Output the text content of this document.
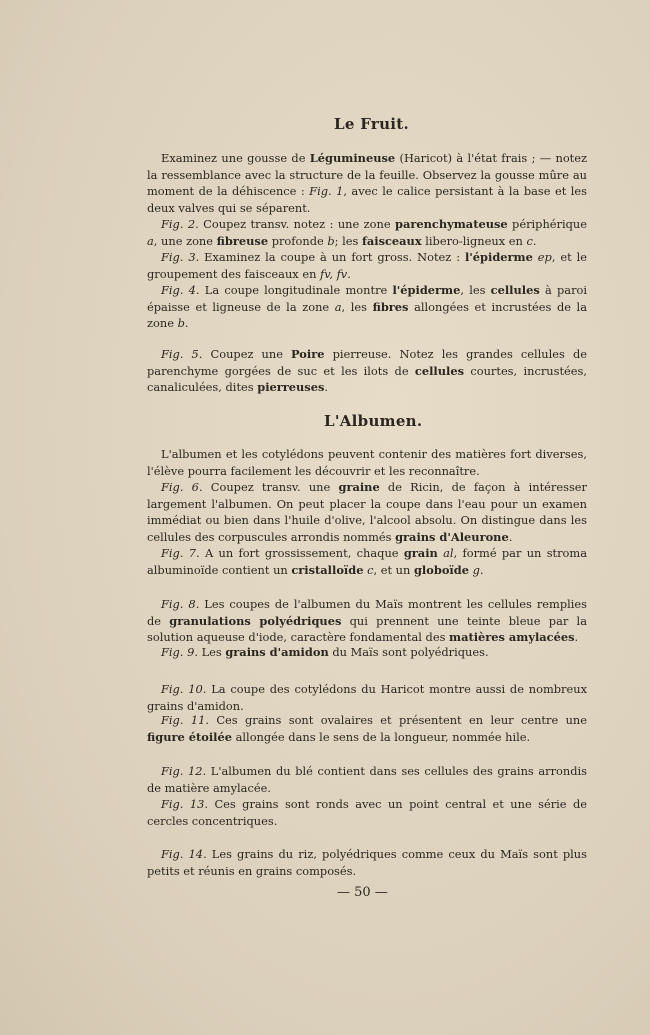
Le Fruit.

Examinez une gousse de Légumineuse (Haricot) à l'état frais ; — notez la ressemblance avec la structure de la feuille. Observez la gousse mûre au moment de la déhiscence : Fig. 1, avec le calice persistant à la base et les deux valves qui se séparent.

Fig. 2. Coupez transv. notez : une zone parenchymateuse périphérique a, une zone fibreuse profonde b; les faisceaux libero-ligneux en c.

Fig. 3. Examinez la coupe à un fort gross. Notez : l'épiderme ep, et le groupement des faisceaux en fv, fv.

Fig. 4. La coupe longitudinale montre l'épiderme, les cellules à paroi épaisse et ligneuse de la zone a, les fibres allongées et incrustées de la zone b.

Fig. 5. Coupez une Poire pierreuse. Notez les grandes cellules de parenchyme gorgées de suc et les ilots de cellules courtes, incrustées, canaliculées, dites pierreuses.

L'Albumen.

L'albumen et les cotylédons peuvent contenir des matières fort diverses, l'élève pourra facilement les découvrir et les reconnaître.

Fig. 6. Coupez transv. une graine de Ricin, de façon à intéresser largement l'albumen. On peut placer la coupe dans l'eau pour un examen immédiat ou bien dans l'huile d'olive, l'alcool absolu. On distingue dans les cellules des corpuscules arrondis nommés grains d'Aleurone.

Fig. 7. A un fort grossissement, chaque grain al, formé par un stroma albuminoïde contient un cristalloïde c, et un globoïde g.

Fig. 8. Les coupes de l'albumen du Maïs montrent les cellules remplies de granulations polyédriques qui prennent une teinte bleue par la solution aqueuse d'iode, caractère fondamental des matières amylacées.

Fig. 9. Les grains d'amidon du Maïs sont polyédriques.

Fig. 10. La coupe des cotylédons du Haricot montre aussi de nombreux grains d'amidon.

Fig. 11. Ces grains sont ovalaires et présentent en leur centre une figure étoilée allongée dans le sens de la longueur, nommée hile.

Fig. 12. L'albumen du blé contient dans ses cellules des grains arrondis de matière amylacée.

Fig. 13. Ces grains sont ronds avec un point central et une série de cercles concentriques.

Fig. 14. Les grains du riz, polyédriques comme ceux du Maïs sont plus petits et réunis en grains composés.

— 50 —
